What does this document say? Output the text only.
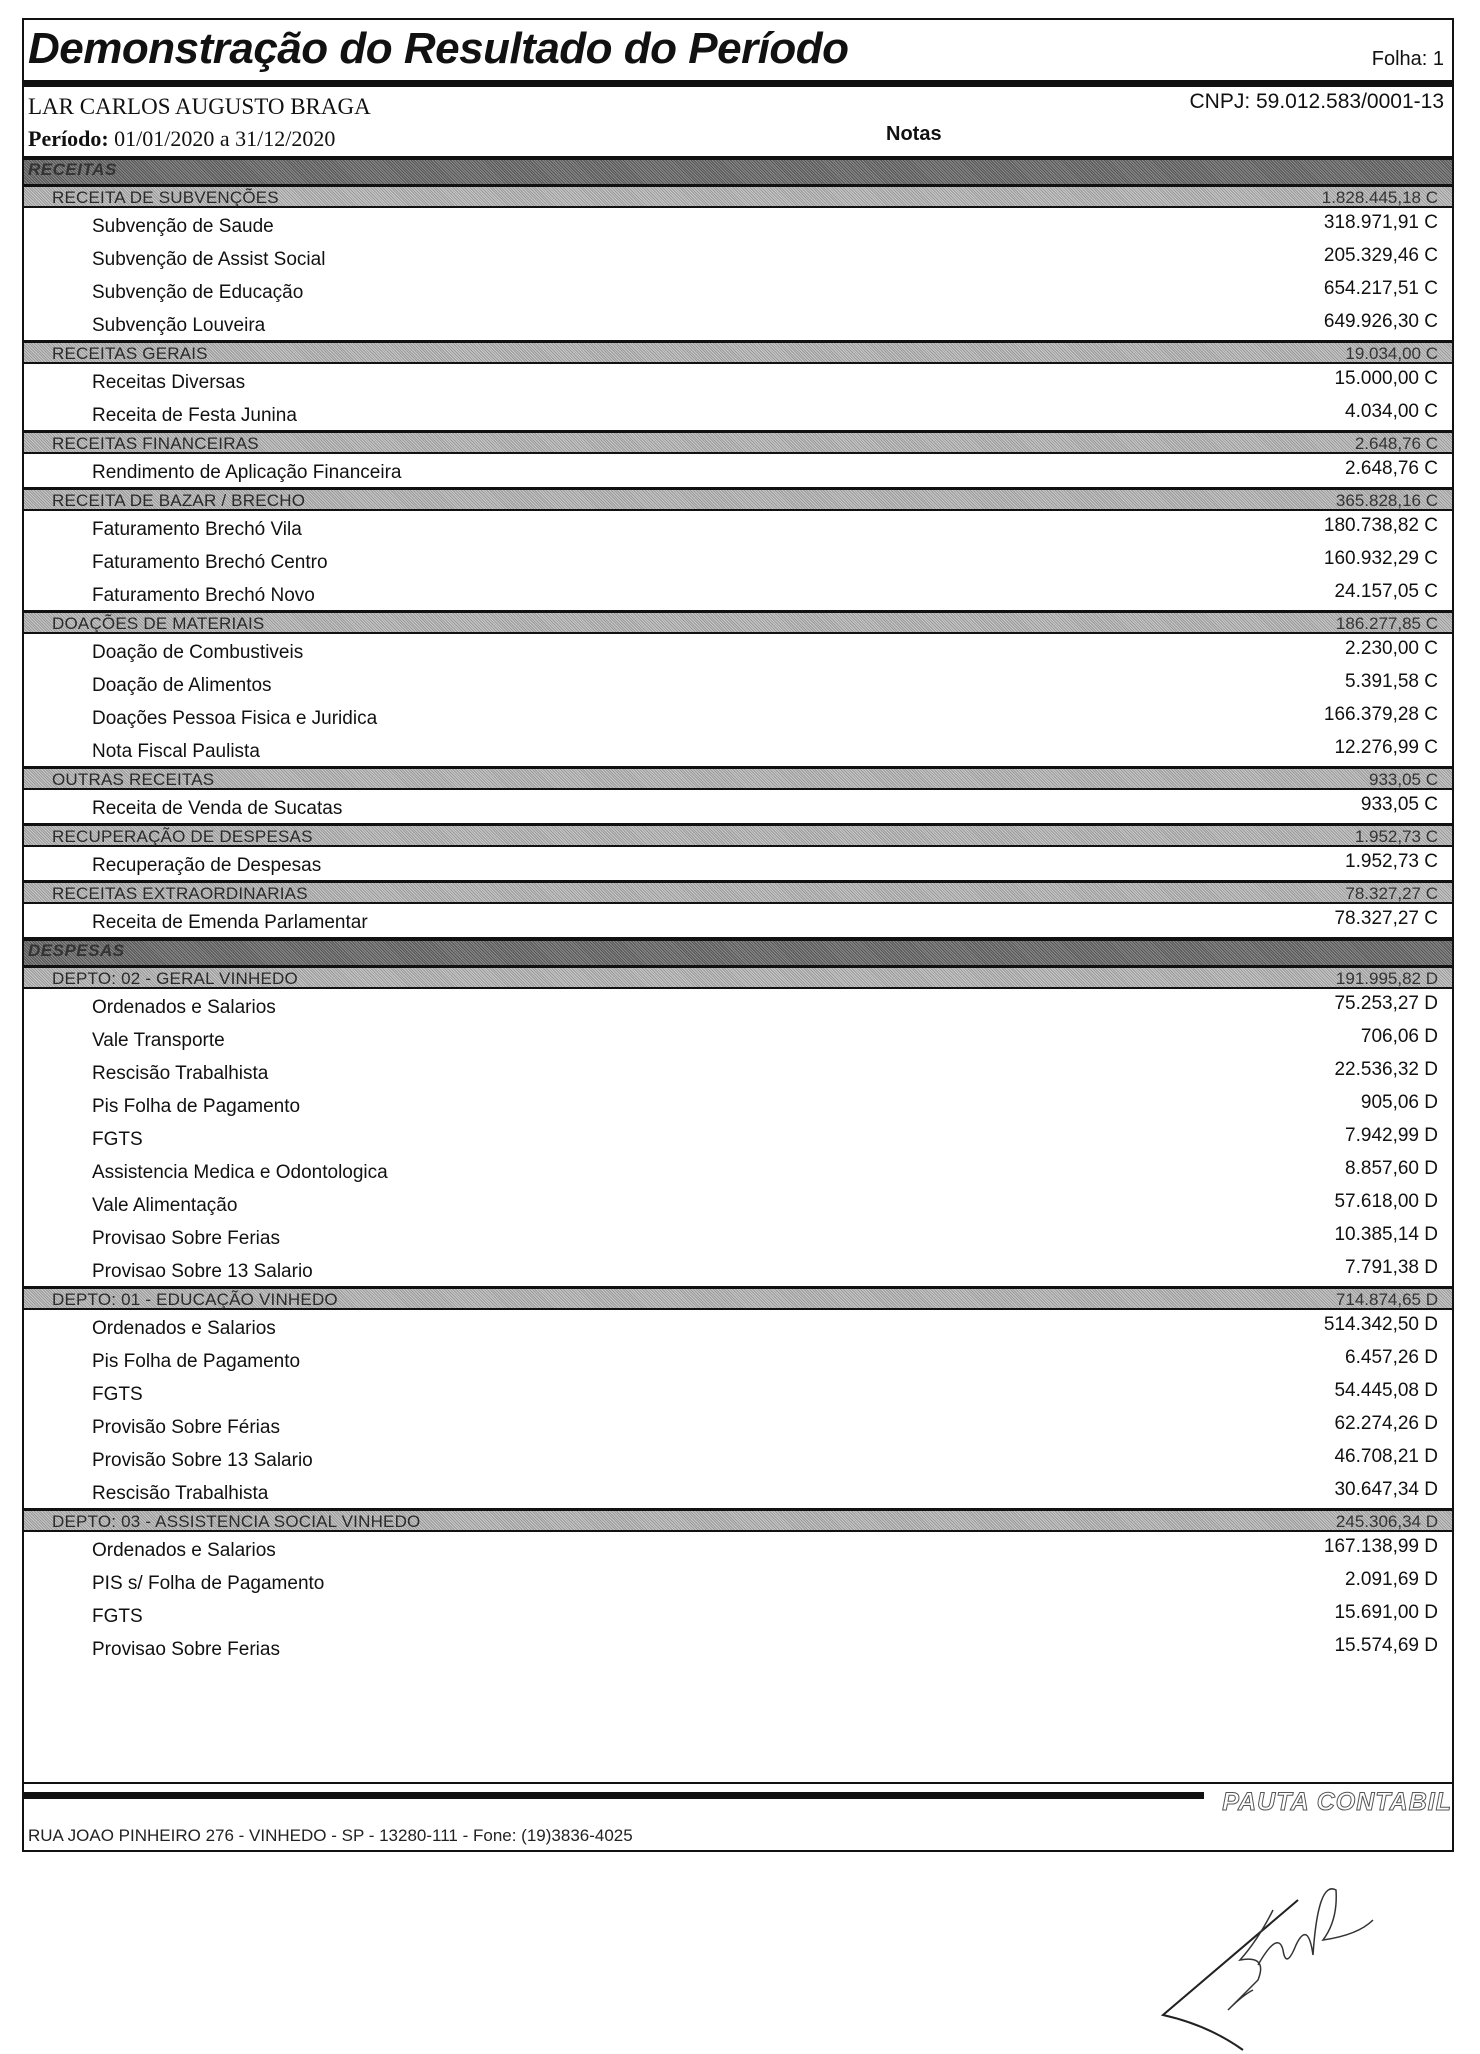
Demonstração do Resultado do Período	Folha: 1
LAR CARLOS AUGUSTO BRAGA	CNPJ: 59.012.583/0001-13
Período: 01/01/2020 a 31/12/2020	Notas
RECEITAS
RECEITA DE SUBVENÇÕES	1.828.445,18 C
Subvenção de Saude	318.971,91 C
Subvenção de Assist Social	205.329,46 C
Subvenção de Educação	654.217,51 C
Subvenção Louveira	649.926,30 C
RECEITAS GERAIS	19.034,00 C
Receitas Diversas	15.000,00 C
Receita de Festa Junina	4.034,00 C
RECEITAS FINANCEIRAS	2.648,76 C
Rendimento de Aplicação Financeira	2.648,76 C
RECEITA DE BAZAR / BRECHO	365.828,16 C
Faturamento Brechó Vila	180.738,82 C
Faturamento Brechó Centro	160.932,29 C
Faturamento Brechó Novo	24.157,05 C
DOAÇÕES DE MATERIAIS	186.277,85 C
Doação de Combustiveis	2.230,00 C
Doação de Alimentos	5.391,58 C
Doações Pessoa Fisica e Juridica	166.379,28 C
Nota Fiscal Paulista	12.276,99 C
OUTRAS RECEITAS	933,05 C
Receita de Venda de Sucatas	933,05 C
RECUPERAÇÃO DE DESPESAS	1.952,73 C
Recuperação de Despesas	1.952,73 C
RECEITAS EXTRAORDINARIAS	78.327,27 C
Receita de Emenda Parlamentar	78.327,27 C
DESPESAS
DEPTO: 02 - GERAL VINHEDO	191.995,82 D
Ordenados e Salarios	75.253,27 D
Vale Transporte	706,06 D
Rescisão Trabalhista	22.536,32 D
Pis Folha de Pagamento	905,06 D
FGTS	7.942,99 D
Assistencia Medica e Odontologica	8.857,60 D
Vale Alimentação	57.618,00 D
Provisao Sobre Ferias	10.385,14 D
Provisao Sobre 13 Salario	7.791,38 D
DEPTO: 01 - EDUCAÇÃO VINHEDO	714.874,65 D
Ordenados e Salarios	514.342,50 D
Pis Folha de Pagamento	6.457,26 D
FGTS	54.445,08 D
Provisão Sobre Férias	62.274,26 D
Provisão Sobre 13 Salario	46.708,21 D
Rescisão Trabalhista	30.647,34 D
DEPTO: 03 - ASSISTENCIA SOCIAL VINHEDO	245.306,34 D
Ordenados e Salarios	167.138,99 D
PIS s/ Folha de Pagamento	2.091,69 D
FGTS	15.691,00 D
Provisao Sobre Ferias	15.574,69 D
PAUTA CONTABIL
RUA JOAO PINHEIRO 276 - VINHEDO - SP - 13280-111 - Fone: (19)3836-4025
